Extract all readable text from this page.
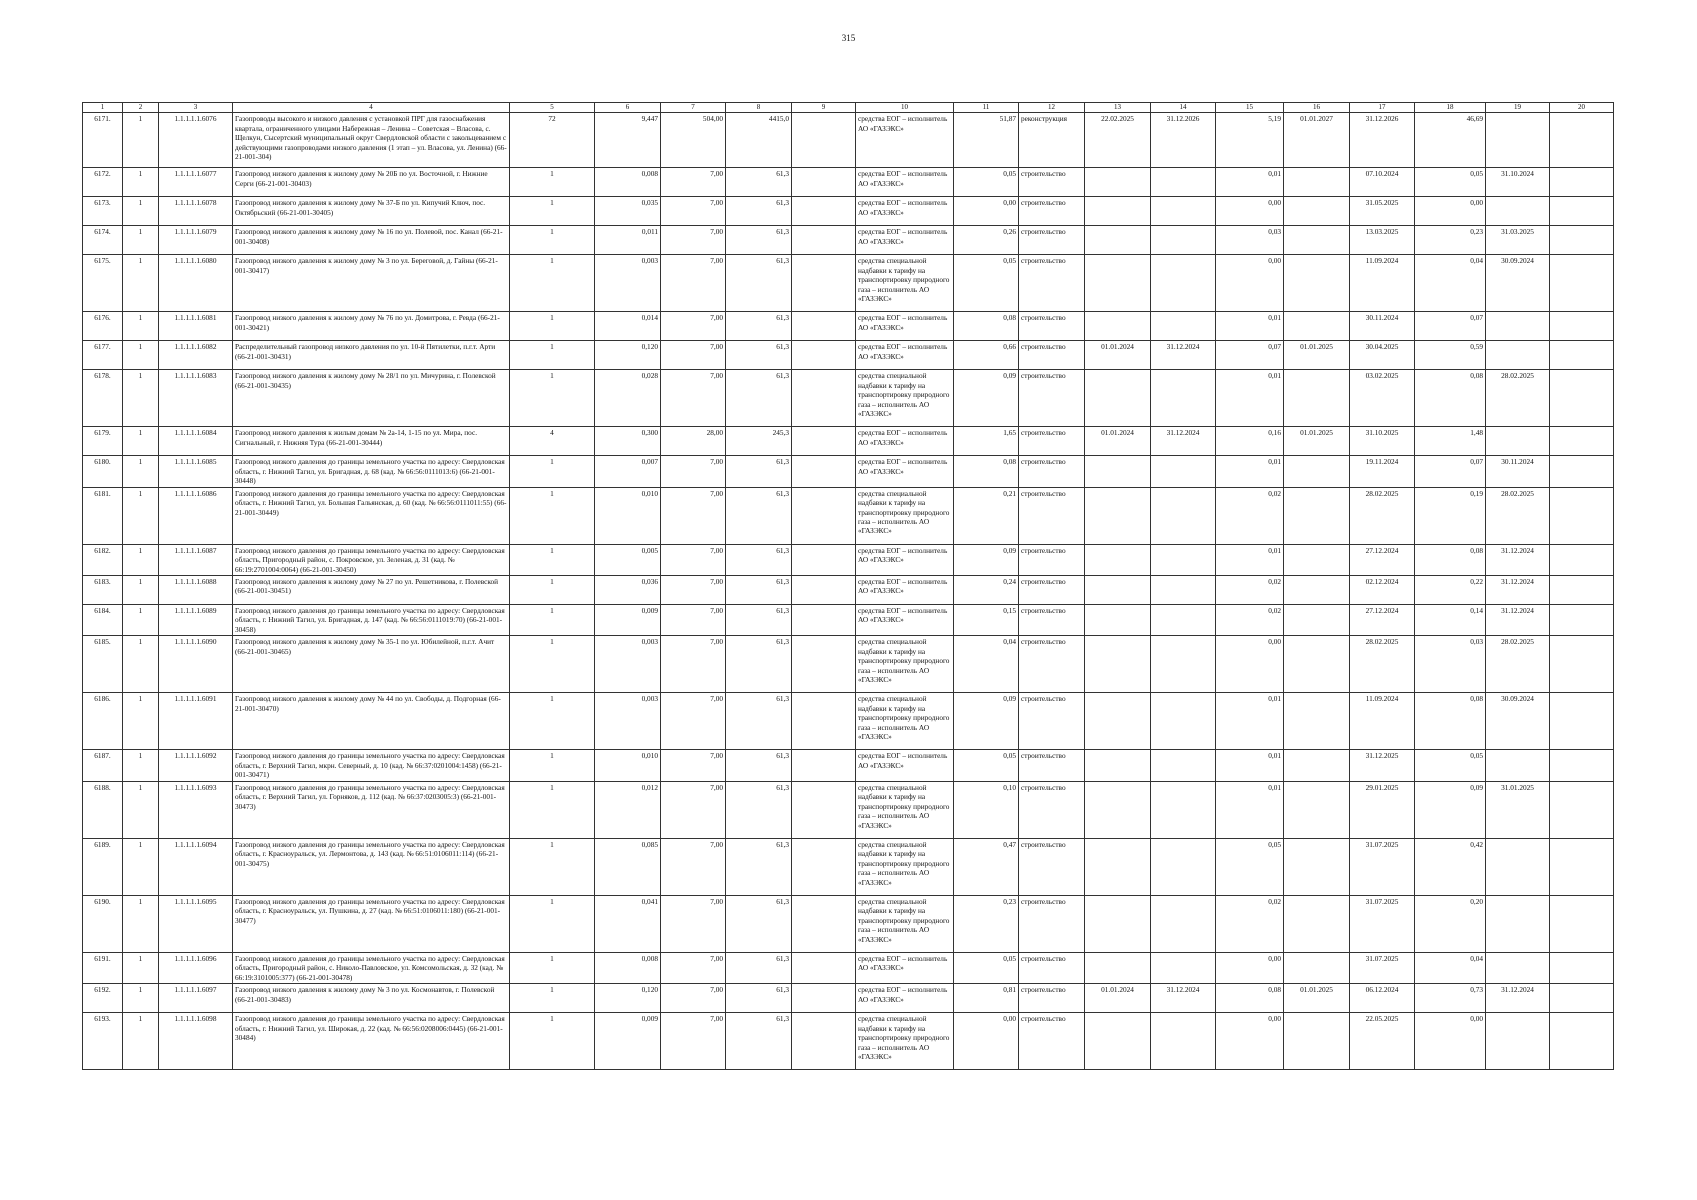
315
1	2	3	4	5	6	7	8	9	10	11	12	13	14	15	16	17	18	19	20
6171.	1	1.1.1.1.1.6076	Газопроводы высокого и низкого давления с установкой ПРГ для газоснабжения квартала, ограниченного улицами Набережная – Ленина – Советская – Власова, с. Щелкун, Сысертский муниципальный округ Свердловской области с закольцеванием с действующими газопроводами низкого давления (1 этап – ул. Власова, ул. Ленина) (66-21-001-304)	72	9,447	504,00	4415,0		средства ЕОГ – исполнитель АО «ГАЗЭКС»	51,87	реконструкция	22.02.2025	31.12.2026	5,19	01.01.2027	31.12.2026	46,69		
6172.	1	1.1.1.1.1.6077	Газопровод низкого давления к жилому дому № 20Б по ул. Восточной, г. Нижние Серги (66-21-001-30403)	1	0,008	7,00	61,3		средства ЕОГ – исполнитель АО «ГАЗЭКС»	0,05	строительство			0,01		07.10.2024	0,05	31.10.2024	
6173.	1	1.1.1.1.1.6078	Газопровод низкого давления к жилому дому № 37-Б по ул. Кипучий Ключ, пос. Октябрьский (66-21-001-30405)	1	0,035	7,00	61,3		средства ЕОГ – исполнитель АО «ГАЗЭКС»	0,00	строительство			0,00		31.05.2025	0,00		
6174.	1	1.1.1.1.1.6079	Газопровод низкого давления к жилому дому № 16 по ул. Полевой, пос. Канал (66-21-001-30408)	1	0,011	7,00	61,3		средства ЕОГ – исполнитель АО «ГАЗЭКС»	0,26	строительство			0,03		13.03.2025	0,23	31.03.2025	
6175.	1	1.1.1.1.1.6080	Газопровод низкого давления к жилому дому № 3 по ул. Береговой, д. Гайны (66-21-001-30417)	1	0,003	7,00	61,3		средства специальной надбавки к тарифу на транспортировку природного газа – исполнитель АО «ГАЗЭКС»	0,05	строительство			0,00		11.09.2024	0,04	30.09.2024	
6176.	1	1.1.1.1.1.6081	Газопровод низкого давления к жилому дому № 76 по ул. Домитрова, г. Ревда (66-21-001-30421)	1	0,014	7,00	61,3		средства ЕОГ – исполнитель АО «ГАЗЭКС»	0,08	строительство			0,01		30.11.2024	0,07		
6177.	1	1.1.1.1.1.6082	Распределительный газопровод низкого давления по ул. 10-й Пятилетки, п.г.т. Арти (66-21-001-30431)	1	0,120	7,00	61,3		средства ЕОГ – исполнитель АО «ГАЗЭКС»	0,66	строительство	01.01.2024	31.12.2024	0,07	01.01.2025	30.04.2025	0,59		
6178.	1	1.1.1.1.1.6083	Газопровод низкого давления к жилому дому № 28/1 по ул. Мичурина, г. Полевской (66-21-001-30435)	1	0,028	7,00	61,3		средства специальной надбавки к тарифу на транспортировку природного газа – исполнитель АО «ГАЗЭКС»	0,09	строительство			0,01		03.02.2025	0,08	28.02.2025	
6179.	1	1.1.1.1.1.6084	Газопровод низкого давления к жилым домам № 2а-14, 1-15 по ул. Мира, пос. Сигнальный, г. Нижняя Тура (66-21-001-30444)	4	0,300	28,00	245,3		средства ЕОГ – исполнитель АО «ГАЗЭКС»	1,65	строительство	01.01.2024	31.12.2024	0,16	01.01.2025	31.10.2025	1,48		
6180.	1	1.1.1.1.1.6085	Газопровод низкого давления до границы земельного участка по адресу: Свердловская область, г. Нижний Тагил, ул. Бригадная, д. 68 (кад. № 66:56:0111013:6) (66-21-001-30448)	1	0,007	7,00	61,3		средства ЕОГ – исполнитель АО «ГАЗЭКС»	0,08	строительство			0,01		19.11.2024	0,07	30.11.2024	
6181.	1	1.1.1.1.1.6086	Газопровод низкого давления до границы земельного участка по адресу: Свердловская область, г. Нижний Тагил, ул. Большая Гальянская, д. 60 (кад. № 66:56:0111011:55) (66-21-001-30449)	1	0,010	7,00	61,3		средства специальной надбавки к тарифу на транспортировку природного газа – исполнитель АО «ГАЗЭКС»	0,21	строительство			0,02		28.02.2025	0,19	28.02.2025	
6182.	1	1.1.1.1.1.6087	Газопровод низкого давления до границы земельного участка по адресу: Свердловская область, Пригородный район, с. Покровское, ул. Зеленая, д. 31 (кад. № 66:19:2701004:0064) (66-21-001-30450)	1	0,005	7,00	61,3		средства ЕОГ – исполнитель АО «ГАЗЭКС»	0,09	строительство			0,01		27.12.2024	0,08	31.12.2024	
6183.	1	1.1.1.1.1.6088	Газопровод низкого давления к жилому дому № 27 по ул. Решетникова, г. Полевской (66-21-001-30451)	1	0,036	7,00	61,3		средства ЕОГ – исполнитель АО «ГАЗЭКС»	0,24	строительство			0,02		02.12.2024	0,22	31.12.2024	
6184.	1	1.1.1.1.1.6089	Газопровод низкого давления до границы земельного участка по адресу: Свердловская область, г. Нижний Тагил, ул. Бригадная, д. 147 (кад. № 66:56:0111019:70) (66-21-001-30458)	1	0,009	7,00	61,3		средства ЕОГ – исполнитель АО «ГАЗЭКС»	0,15	строительство			0,02		27.12.2024	0,14	31.12.2024	
6185.	1	1.1.1.1.1.6090	Газопровод низкого давления к жилому дому № 35-1 по ул. Юбилейной, п.г.т. Ачит (66-21-001-30465)	1	0,003	7,00	61,3		средства специальной надбавки к тарифу на транспортировку природного газа – исполнитель АО «ГАЗЭКС»	0,04	строительство			0,00		28.02.2025	0,03	28.02.2025	
6186.	1	1.1.1.1.1.6091	Газопровод низкого давления к жилому дому № 44 по ул. Свободы, д. Подгорная (66-21-001-30470)	1	0,003	7,00	61,3		средства специальной надбавки к тарифу на транспортировку природного газа – исполнитель АО «ГАЗЭКС»	0,09	строительство			0,01		11.09.2024	0,08	30.09.2024	
6187.	1	1.1.1.1.1.6092	Газопровод низкого давления до границы земельного участка по адресу: Свердловская область, г. Верхний Тагил, мкрн. Северный, д. 10 (кад. № 66:37:0201004:1458) (66-21-001-30471)	1	0,010	7,00	61,3		средства ЕОГ – исполнитель АО «ГАЗЭКС»	0,05	строительство			0,01		31.12.2025	0,05		
6188.	1	1.1.1.1.1.6093	Газопровод низкого давления до границы земельного участка по адресу: Свердловская область, г. Верхний Тагил, ул. Горняков, д. 112 (кад. № 66:37:0203005:3) (66-21-001-30473)	1	0,012	7,00	61,3		средства специальной надбавки к тарифу на транспортировку природного газа – исполнитель АО «ГАЗЭКС»	0,10	строительство			0,01		29.01.2025	0,09	31.01.2025	
6189.	1	1.1.1.1.1.6094	Газопровод низкого давления до границы земельного участка по адресу: Свердловская область, г. Красноуральск, ул. Лермонтова, д. 143 (кад. № 66:51:0106011:114) (66-21-001-30475)	1	0,085	7,00	61,3		средства специальной надбавки к тарифу на транспортировку природного газа – исполнитель АО «ГАЗЭКС»	0,47	строительство			0,05		31.07.2025	0,42		
6190.	1	1.1.1.1.1.6095	Газопровод низкого давления до границы земельного участка по адресу: Свердловская область, г. Красноуральск, ул. Пушкина, д. 27 (кад. № 66:51:0106011:180) (66-21-001-30477)	1	0,041	7,00	61,3		средства специальной надбавки к тарифу на транспортировку природного газа – исполнитель АО «ГАЗЭКС»	0,23	строительство			0,02		31.07.2025	0,20		
6191.	1	1.1.1.1.1.6096	Газопровод низкого давления до границы земельного участка по адресу: Свердловская область, Пригородный район, с. Николо-Павловское, ул. Комсомольская, д. 32 (кад. № 66:19:3101005:377) (66-21-001-30478)	1	0,008	7,00	61,3		средства ЕОГ – исполнитель АО «ГАЗЭКС»	0,05	строительство			0,00		31.07.2025	0,04		
6192.	1	1.1.1.1.1.6097	Газопровод низкого давления к жилому дому № 3 по ул. Космонавтов, г. Полевской (66-21-001-30483)	1	0,120	7,00	61,3		средства ЕОГ – исполнитель АО «ГАЗЭКС»	0,81	строительство	01.01.2024	31.12.2024	0,08	01.01.2025	06.12.2024	0,73	31.12.2024	
6193.	1	1.1.1.1.1.6098	Газопровод низкого давления до границы земельного участка по адресу: Свердловская область, г. Нижний Тагил, ул. Широкая, д. 22 (кад. № 66:56:0208006:0445) (66-21-001-30484)	1	0,009	7,00	61,3		средства специальной надбавки к тарифу на транспортировку природного газа – исполнитель АО «ГАЗЭКС»	0,00	строительство			0,00		22.05.2025	0,00		
